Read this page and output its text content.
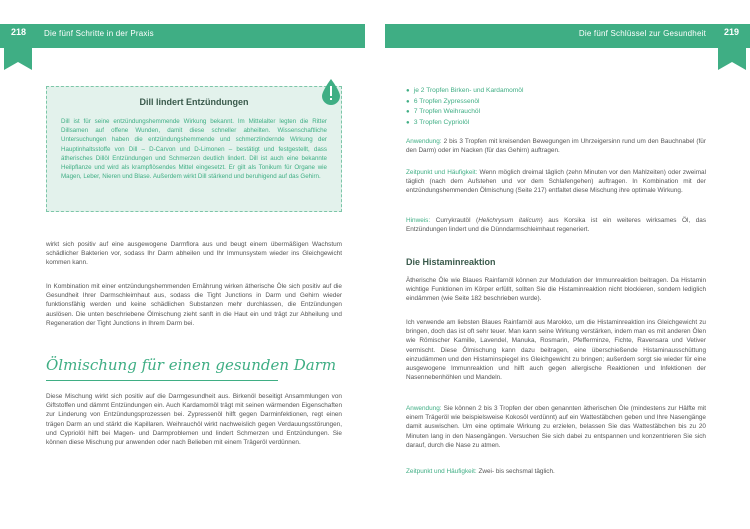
218 Die fünf Schritte in der Praxis	219
Die fünf Schlüssel zur Gesundheit
Dill lindert Entzündungen
Dill ist für seine entzündungshemmende Wirkung bekannt. Im Mittelalter legten die Ritter Dillsamen auf offene Wunden, damit diese schneller abheilten. Wissenschaftliche Untersuchungen haben die entzündungshemmende und schmerzlindernde Wirkung der Hauptinhaltsstoffe von Dill – D-Carvon und D-Limonen – bestätigt und festgestellt, dass ätherisches Dillöl Entzündungen und Schmerzen deutlich lindert. Dill ist auch eine bekannte Heilpflanze und wird als krampflösendes Mittel eingesetzt. Er gilt als Tonikum für Organe wie Magen, Leber, Nieren und Blase. Außerdem wirkt Dill stärkend und beruhigend auf das Gehirn.

wirkt sich positiv auf eine ausgewogene Darmflora aus und beugt einem übermäßigen Wachstum schädlicher Bakterien vor, sodass Ihr Darm abheilen und Ihr Immunsystem wieder ins Gleichgewicht kommen kann.

In Kombination mit einer entzündungshemmenden Ernährung wirken ätherische Öle sich positiv auf die Gesundheit Ihrer Darmschleimhaut aus, sodass die Tight Junctions in Darm und Gehirn wieder funktionsfähig werden und keine schädlichen Substanzen mehr durchlassen, die Entzündungen auslösen. Die unten beschriebene Ölmischung zieht sanft in die Haut ein und trägt zur Abheilung und Regeneration der Tight Junctions in Ihrem Darm bei.

Ölmischung für einen gesunden Darm

Diese Mischung wirkt sich positiv auf die Darmgesundheit aus. Birkenöl beseitigt Ansammlungen von Giftstoffen und dämmt Entzündungen ein. Auch Kardamomöl trägt mit seinen wärmenden Eigenschaften zur Linderung von Entzündungsprozessen bei. Zypressenöl hilft gegen Darminfektionen, regt einen trägen Darm an und stärkt die Kapillaren. Weihrauchöl wirkt nachweislich gegen Verdauungsstörungen, und Cypriolöl hilft bei Magen- und Darmproblemen und lindert Schmerzen und Entzündungen. Sie können diese Mischung pur anwenden oder nach Belieben mit einem Trägeröl verdünnen.

● je 2 Tropfen Birken- und Kardamomöl
● 6 Tropfen Zypressenöl
● 7 Tropfen Weihrauchöl
● 3 Tropfen Cypriolöl

Anwendung: 2 bis 3 Tropfen mit kreisenden Bewegungen im Uhrzeigersinn rund um den Bauchnabel (für den Darm) oder im Nacken (für das Gehirn) auftragen.

Zeitpunkt und Häufigkeit: Wenn möglich dreimal täglich (zehn Minuten vor den Mahlzeiten) oder zweimal täglich (nach dem Aufstehen und vor dem Schlafengehen) auftragen. In Kombination mit der entzündungshemmenden Ölmischung (Seite 217) entfaltet diese Mischung ihre optimale Wirkung.

Hinweis: Currykrautöl (Helichrysum italicum) aus Korsika ist ein weiteres wirksames Öl, das Entzündungen lindert und die Dünndarmschleimhaut regeneriert.

Die Histaminreaktion

Ätherische Öle wie Blaues Rainfarnöl können zur Modulation der Immunreaktion beitragen. Da Histamin wichtige Funktionen im Körper erfüllt, sollten Sie die Histaminreaktion nicht blockieren, sondern lediglich eindämmen (wie Seite 182 beschrieben wurde).

Ich verwende am liebsten Blaues Rainfarnöl aus Marokko, um die Histaminreaktion ins Gleichgewicht zu bringen, doch das ist oft sehr teuer. Man kann seine Wirkung verstärken, indem man es mit anderen Ölen wie Römischer Kamille, Lavendel, Manuka, Rosmarin, Pfefferminze, Fichte, Ravensara und Vetiver vermischt. Diese Ölmischung kann dazu beitragen, eine überschießende Histaminausschüttung einzudämmen und den Histaminspiegel ins Gleichgewicht zu bringen; außerdem sorgt sie wieder für eine ausgewogene Immunreaktion und hilft auch gegen allergische Reaktionen und Infektionen der Nasennebenhöhlen und Mandeln.

Anwendung: Sie können 2 bis 3 Tropfen der oben genannten ätherischen Öle (mindestens zur Hälfte mit einem Trägeröl wie beispielsweise Kokosöl verdünnt) auf ein Wattestäbchen geben und Ihre Nasengänge damit auswischen. Um eine optimale Wirkung zu erzielen, belassen Sie das Wattestäbchen bis zu 20 Minuten lang in den Nasengängen. Versuchen Sie sich dabei zu entspannen und konzentrieren Sie sich darauf, durch die Nase zu atmen.

Zeitpunkt und Häufigkeit: Zwei- bis sechsmal täglich.
